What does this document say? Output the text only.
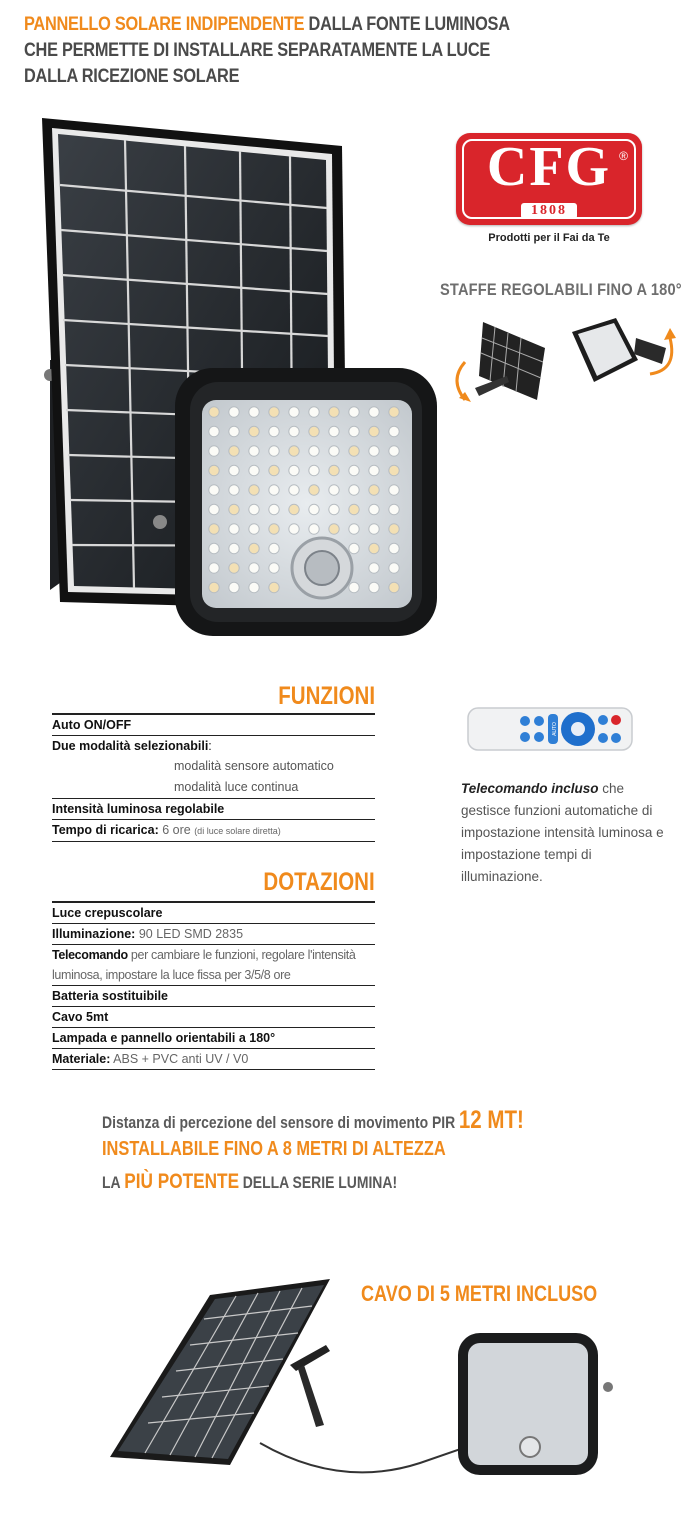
PANNELLO SOLARE INDIPENDENTE DALLA FONTE LUMINOSA
CHE PERMETTE DI INSTALLARE SEPARATAMENTE LA LUCE
DALLA RICEZIONE SOLARE
CFG ®
1808
Prodotti per il Fai da Te
STAFFE REGOLABILI FINO A 180°
FUNZIONI
Auto ON/OFF
Due modalità selezionabili:
modalità sensore automatico
modalità luce continua
Intensità luminosa regolabile
Tempo di ricarica: 6 ore (di luce solare diretta)
DOTAZIONI
Luce crepuscolare
Illuminazione: 90 LED SMD 2835
Telecomando per cambiare le funzioni, regolare l'intensità luminosa, impostare la luce fissa per 3/5/8 ore
Batteria sostituibile
Cavo 5mt
Lampada e pannello orientabili a 180°
Materiale: ABS + PVC anti UV / V0
AUTO
Telecomando incluso che gestisce funzioni automatiche di impostazione intensità luminosa e impostazione tempi di illuminazione.
Distanza di percezione del sensore di movimento PIR 12 MT!
INSTALLABILE FINO A 8 METRI DI ALTEZZA
LA PIÙ POTENTE DELLA SERIE LUMINA!
CAVO DI 5 METRI INCLUSO
